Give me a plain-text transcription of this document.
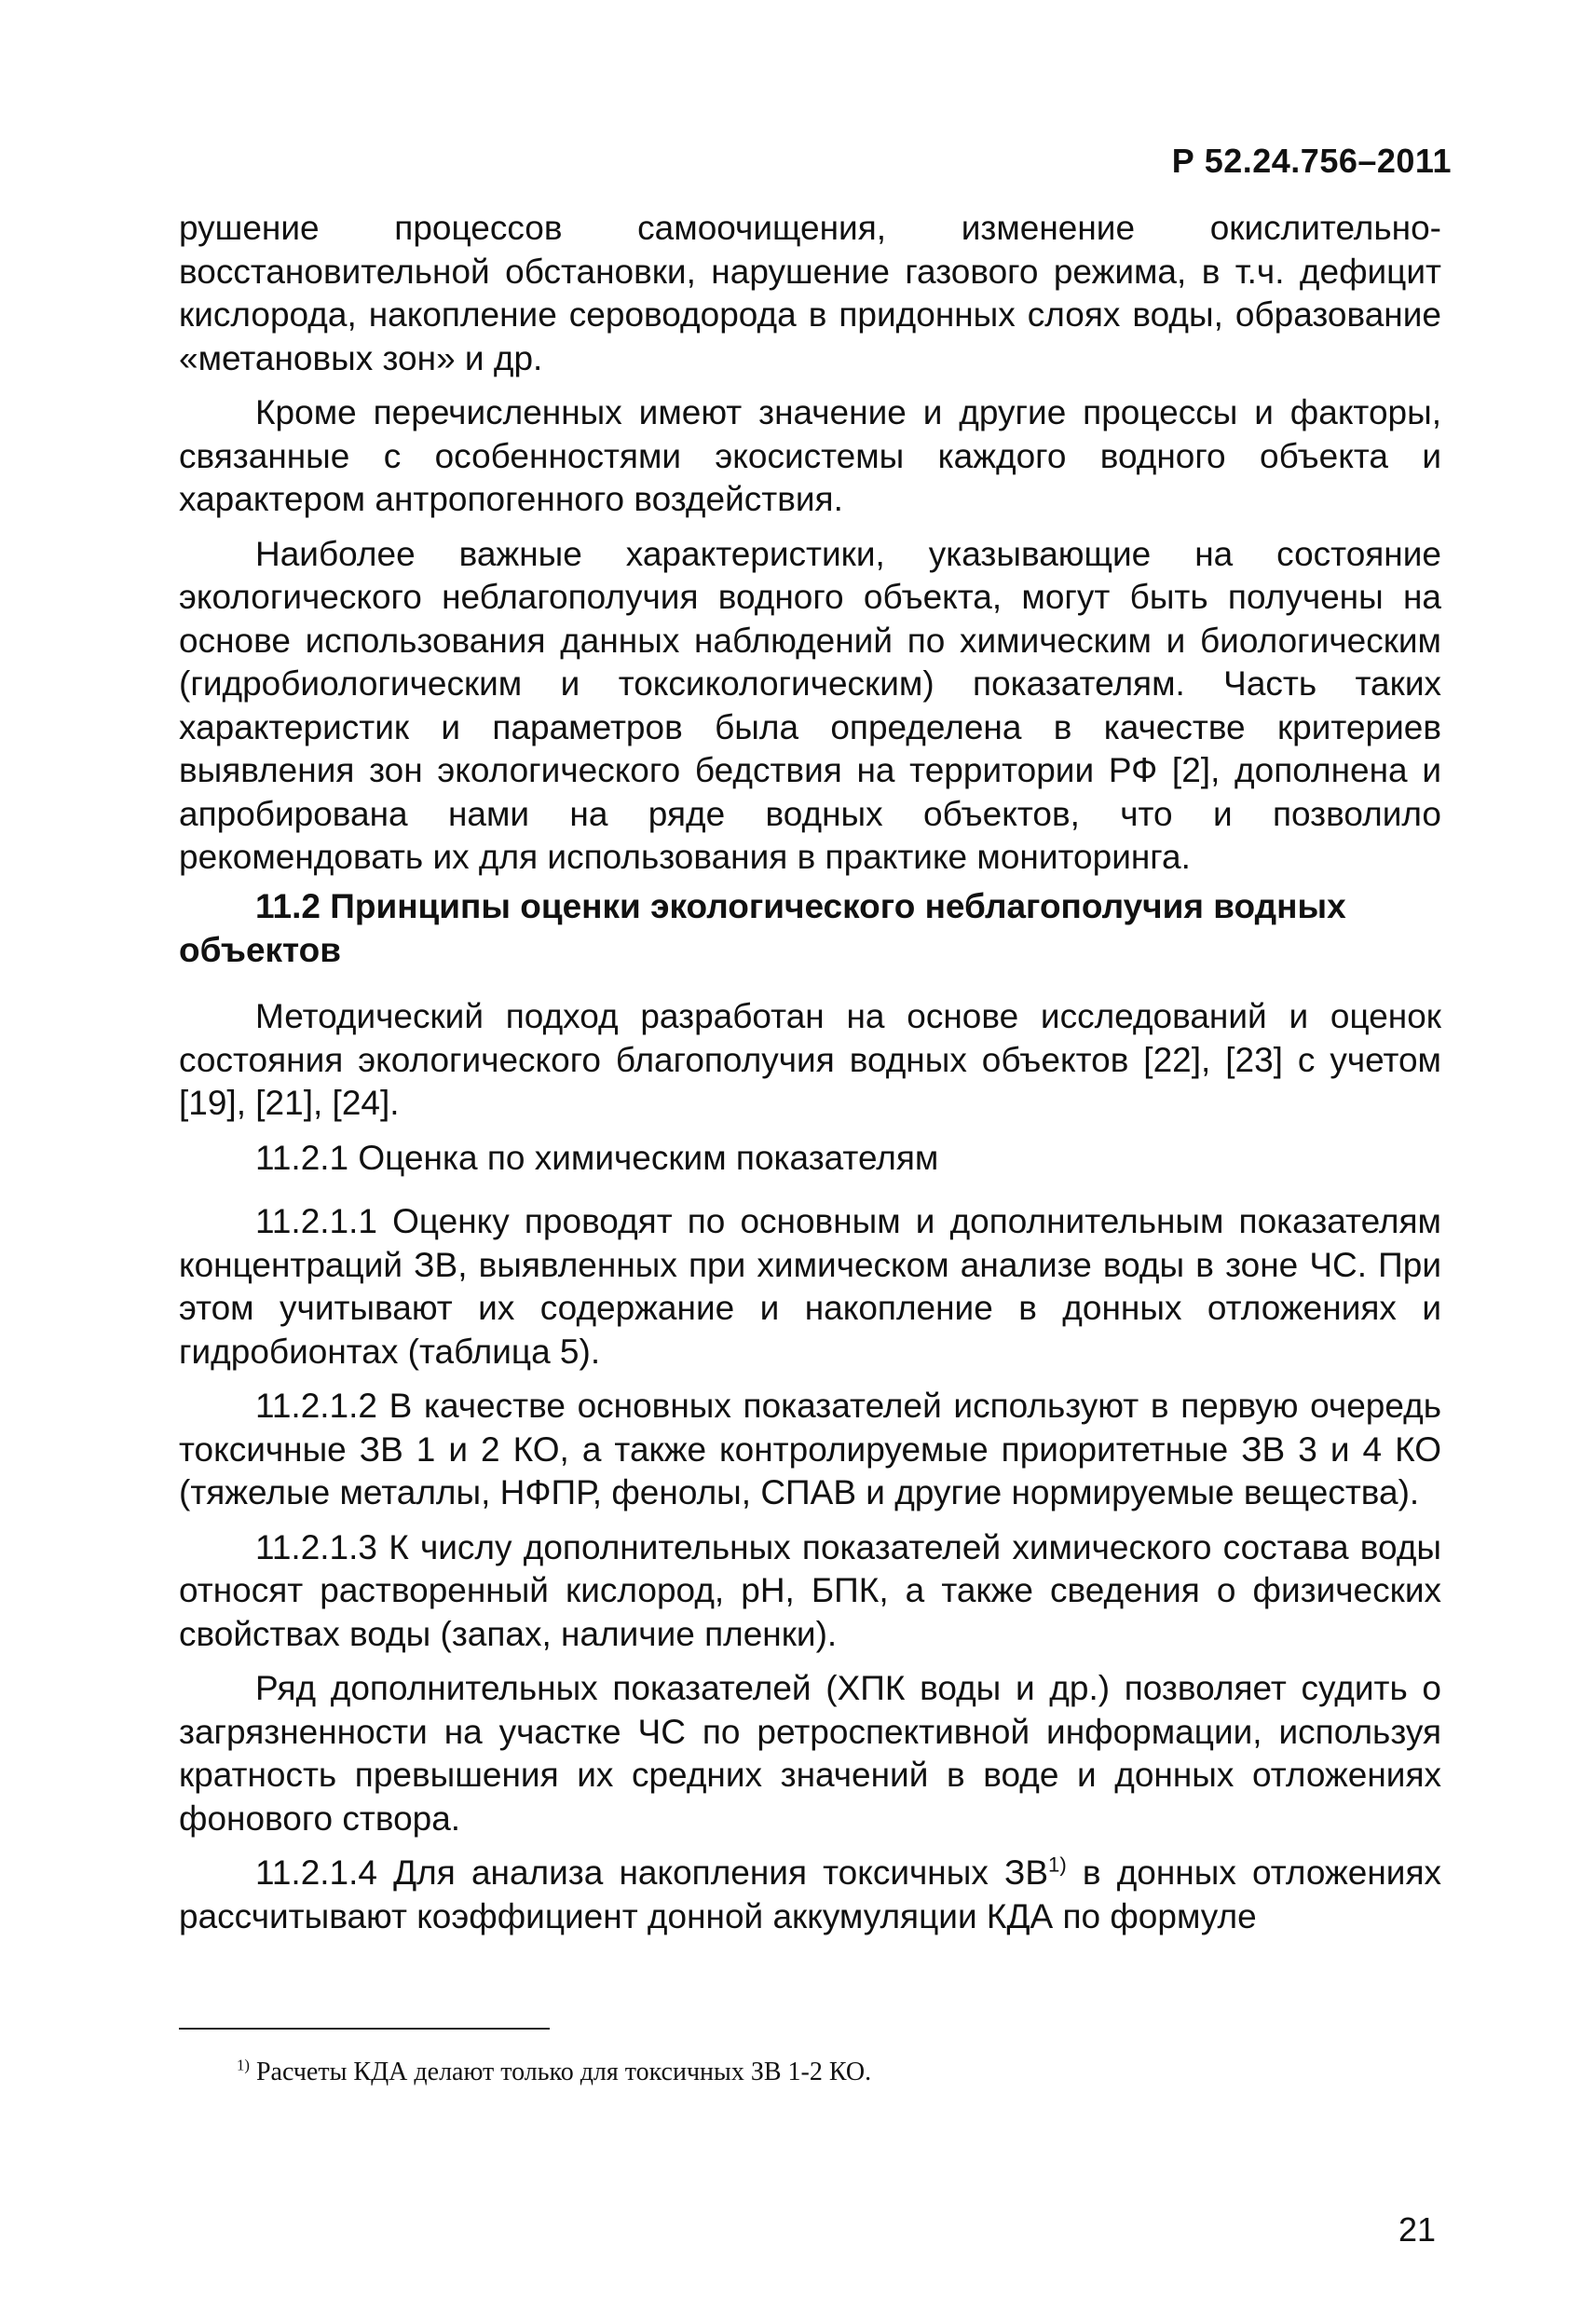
Р 52.24.756–2011

рушение процессов самоочищения, изменение окислительно-восстановительной обстановки, нарушение газового режима, в т.ч. дефицит кислорода, накопление сероводорода в придонных слоях воды, образование «метановых зон» и др.

Кроме перечисленных имеют значение и другие процессы и факторы, связанные с особенностями экосистемы каждого водного объекта и характером антропогенного воздействия.

Наиболее важные характеристики, указывающие на состояние экологического неблагополучия водного объекта, могут быть получены на основе использования данных наблюдений по химическим и биологическим (гидробиологическим и токсикологическим) показателям. Часть таких характеристик и параметров была определена в качестве критериев выявления зон экологического бедствия на территории РФ [2], дополнена и апробирована нами на ряде водных объектов, что и позволило рекомендовать их для использования в практике мониторинга.

11.2 Принципы оценки экологического неблагополучия водных объектов

Методический подход разработан на основе исследований и оценок состояния экологического благополучия водных объектов [22], [23] с учетом [19], [21], [24].

11.2.1 Оценка по химическим показателям

11.2.1.1 Оценку проводят по основным и дополнительным показателям концентраций ЗВ, выявленных при химическом анализе воды в зоне ЧС. При этом учитывают их содержание и накопление в донных отложениях и гидробионтах (таблица 5).

11.2.1.2 В качестве основных показателей используют в первую очередь токсичные ЗВ 1 и 2 КО, а также контролируемые приоритетные ЗВ 3 и 4 КО (тяжелые металлы, НФПР, фенолы, СПАВ и другие нормируемые вещества).

11.2.1.3 К числу дополнительных показателей химического состава воды относят растворенный кислород, рН, БПК, а также сведения о физических свойствах воды (запах, наличие пленки).

Ряд дополнительных показателей (ХПК воды и др.) позволяет судить о загрязненности на участке ЧС по ретроспективной информации, используя кратность превышения их средних значений в воде и донных отложениях фонового створа.

11.2.1.4 Для анализа накопления токсичных ЗВ$^{1)}$ в донных отложениях рассчитывают коэффициент донной аккумуляции КДА по формуле

$^{1)}$ Расчеты КДА делают только для токсичных ЗВ 1-2 КО.
21
